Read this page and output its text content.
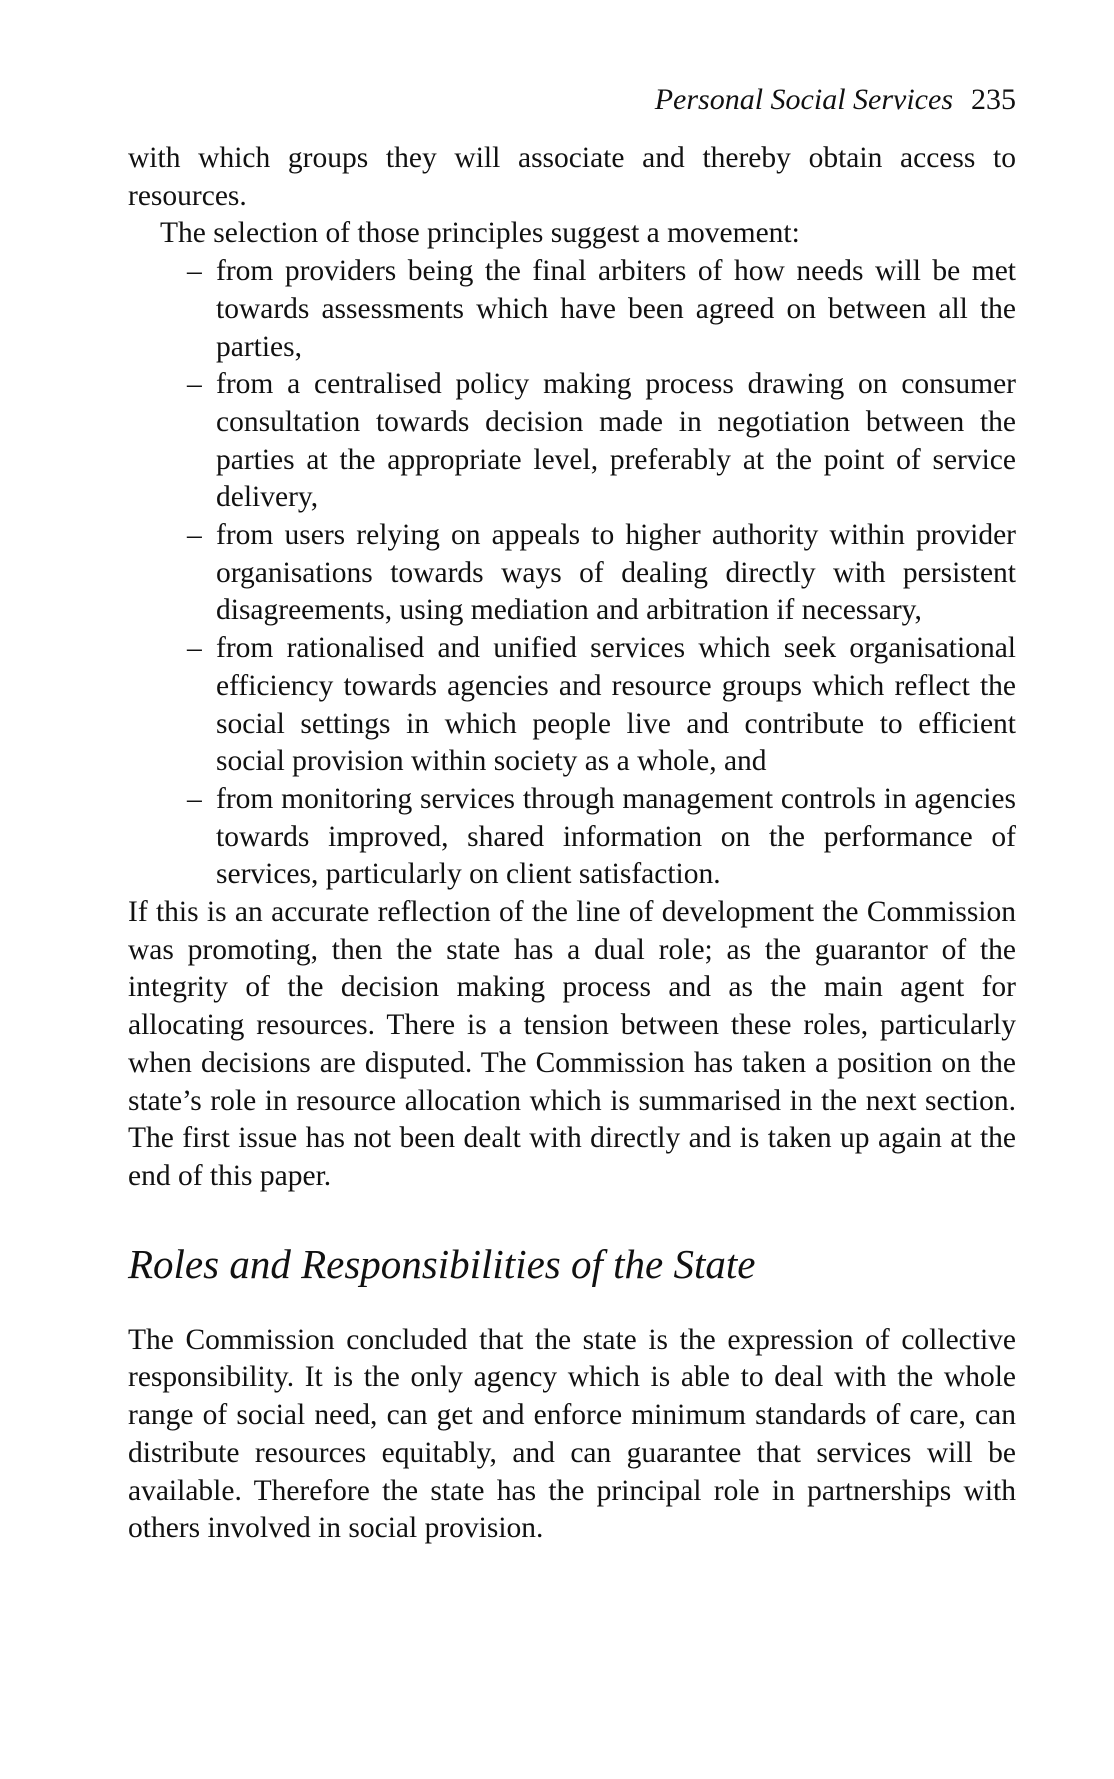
Personal Social Services 235

with which groups they will associate and thereby obtain access to resources.

The selection of those principles suggest a movement:

– from providers being the final arbiters of how needs will be met towards assessments which have been agreed on between all the parties,
– from a centralised policy making process drawing on consumer consultation towards decision made in negotiation between the parties at the appropriate level, preferably at the point of service delivery,
– from users relying on appeals to higher authority within provider organisations towards ways of dealing directly with persistent disagreements, using mediation and arbitration if necessary,
– from rationalised and unified services which seek organisational efficiency towards agencies and resource groups which reflect the social settings in which people live and contribute to efficient social provision within society as a whole, and
– from monitoring services through management controls in agencies towards improved, shared information on the performance of services, particularly on client satisfaction.

If this is an accurate reflection of the line of development the Commission was promoting, then the state has a dual role; as the guarantor of the integrity of the decision making process and as the main agent for allocating resources. There is a tension between these roles, particularly when decisions are disputed. The Commission has taken a position on the state’s role in resource allocation which is summarised in the next section. The first issue has not been dealt with directly and is taken up again at the end of this paper.

Roles and Responsibilities of the State

The Commission concluded that the state is the expression of collective responsibility. It is the only agency which is able to deal with the whole range of social need, can get and enforce minimum standards of care, can distribute resources equitably, and can guarantee that services will be available. Therefore the state has the principal role in partnerships with others involved in social provision.
